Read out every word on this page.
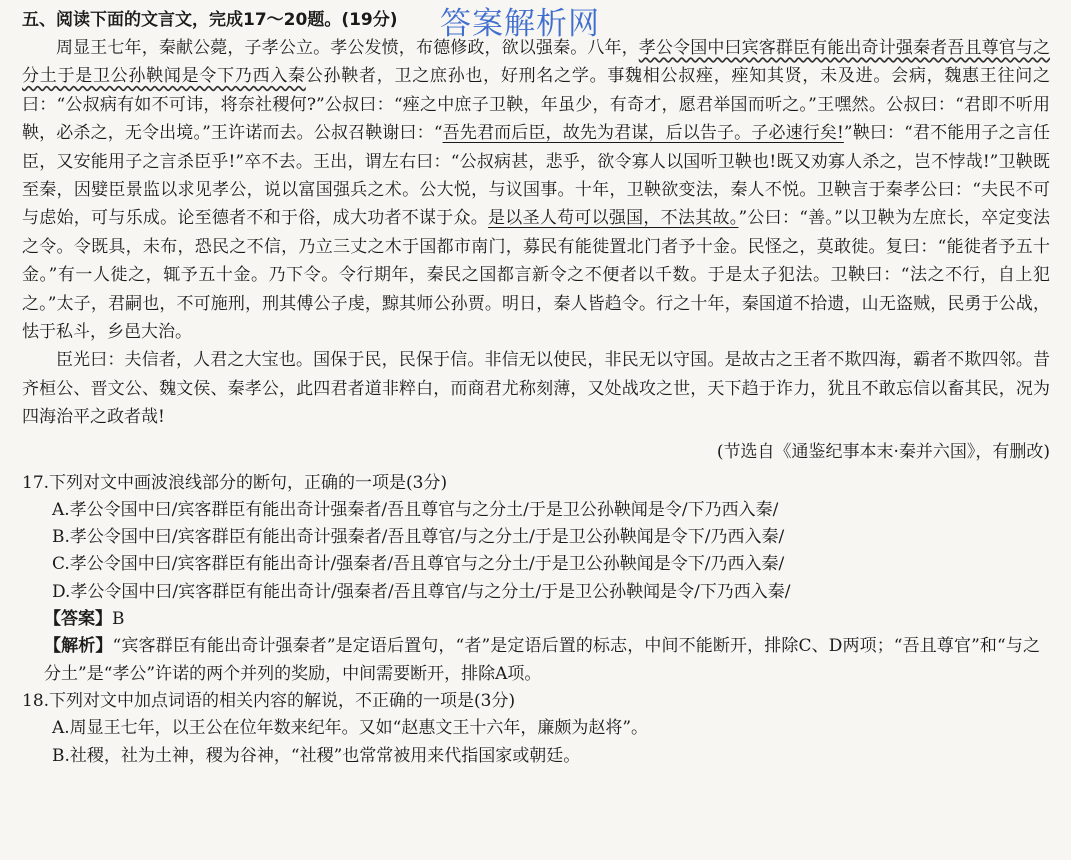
答案解析网
五、阅读下面的文言文，完成17～20题。(19分)

周显王七年，秦献公薨，子孝公立。孝公发愤，布德修政，欲以强秦。八年，孝公令国中曰宾客群臣有能出奇计强秦者吾且尊官与之分土于是卫公孙鞅闻是令下乃西入秦公孙鞅者，卫之庶孙也，好刑名之学。事魏相公叔痤，痤知其贤，未及进。会病，魏惠王往问之曰：“公叔病有如不可讳，将奈社稷何?”公叔曰：“痤之中庶子卫鞅，年虽少，有奇才，愿君举国而听之。”王嘿然。公叔曰：“君即不听用鞅，必杀之，无令出境。”王许诺而去。公叔召鞅谢曰：“吾先君而后臣，故先为君谋，后以告子。子必速行矣!”鞅曰：“君不能用子之言任臣，又安能用子之言杀臣乎!”卒不去。王出，谓左右曰：“公叔病甚，悲乎，欲令寡人以国听卫鞅也!既又劝寡人杀之，岂不悖哉!”卫鞅既至秦，因嬖臣景监以求见孝公，说以富国强兵之术。公大悦，与议国事。十年，卫鞅欲变法，秦人不悦。卫鞅言于秦孝公曰：“夫民不可与虑始，可与乐成。论至德者不和于俗，成大功者不谋于众。是以圣人苟可以强国，不法其故。”公曰：“善。”以卫鞅为左庶长，卒定变法之令。令既具，未布，恐民之不信，乃立三丈之木于国都市南门，募民有能徙置北门者予十金。民怪之，莫敢徙。复曰：“能徙者予五十金。”有一人徙之，辄予五十金。乃下令。令行期年，秦民之国都言新令之不便者以千数。于是太子犯法。卫鞅曰：“法之不行，自上犯之。”太子，君嗣也，不可施刑，刑其傅公子虔，黥其师公孙贾。明日，秦人皆趋令。行之十年，秦国道不拾遗，山无盗贼，民勇于公战，怯于私斗，乡邑大治。

臣光曰：夫信者，人君之大宝也。国保于民，民保于信。非信无以使民，非民无以守国。是故古之王者不欺四海，霸者不欺四邻。昔齐桓公、晋文公、魏文侯、秦孝公，此四君者道非粹白，而商君尤称刻薄，又处战攻之世，天下趋于诈力，犹且不敢忘信以畜其民，况为四海治平之政者哉!

(节选自《通鉴纪事本末·秦并六国》，有删改)
17.下列对文中画波浪线部分的断句，正确的一项是(3分)
A.孝公令国中曰/宾客群臣有能出奇计强秦者/吾且尊官与之分土/于是卫公孙鞅闻是令/下乃西入秦/
B.孝公令国中曰/宾客群臣有能出奇计强秦者/吾且尊官/与之分土/于是卫公孙鞅闻是令下/乃西入秦/
C.孝公令国中曰/宾客群臣有能出奇计/强秦者/吾且尊官与之分土/于是卫公孙鞅闻是令下/乃西入秦/
D.孝公令国中曰/宾客群臣有能出奇计/强秦者/吾且尊官/与之分土/于是卫公孙鞅闻是令/下乃西入秦/
【答案】B
【解析】“宾客群臣有能出奇计强秦者”是定语后置句，“者”是定语后置的标志，中间不能断开，排除C、D两项；“吾且尊官”和“与之分土”是“孝公”许诺的两个并列的奖励，中间需要断开，排除A项。
18.下列对文中加点词语的相关内容的解说，不正确的一项是(3分)
A.周显王七年，以王公在位年数来纪年。又如“赵惠文王十六年，廉颇为赵将”。
B.社稷，社为土神，稷为谷神，“社稷”也常常被用来代指国家或朝廷。
